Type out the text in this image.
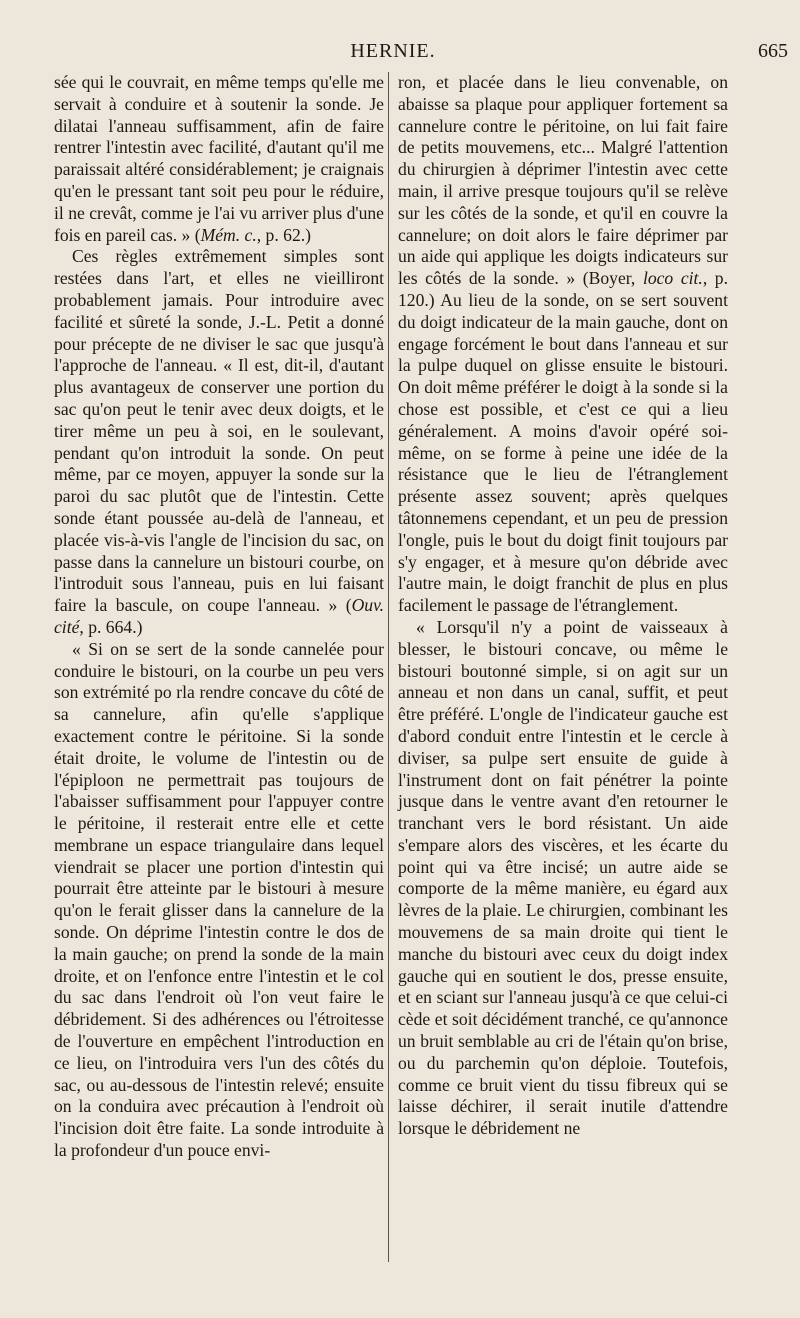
HERNIE.	665

sée qui le couvrait, en même temps qu'elle me servait à conduire et à soutenir la sonde. Je dilatai l'anneau suffisamment, afin de faire rentrer l'intestin avec facilité, d'autant qu'il me paraissait altéré considérablement; je craignais qu'en le pressant tant soit peu pour le réduire, il ne crevât, comme je l'ai vu arriver plus d'une fois en pareil cas. » (Mém. c., p. 62.)

Ces règles extrêmement simples sont restées dans l'art, et elles ne vieilliront probablement jamais. Pour introduire avec facilité et sûreté la sonde, J.-L. Petit a donné pour précepte de ne diviser le sac que jusqu'à l'approche de l'anneau. « Il est, dit-il, d'autant plus avantageux de conserver une portion du sac qu'on peut le tenir avec deux doigts, et le tirer même un peu à soi, en le soulevant, pendant qu'on introduit la sonde. On peut même, par ce moyen, appuyer la sonde sur la paroi du sac plutôt que de l'intestin. Cette sonde étant poussée au-delà de l'anneau, et placée vis-à-vis l'angle de l'incision du sac, on passe dans la cannelure un bistouri courbe, on l'introduit sous l'anneau, puis en lui faisant faire la bascule, on coupe l'anneau. » (Ouv. cité, p. 664.)

« Si on se sert de la sonde cannelée pour conduire le bistouri, on la courbe un peu vers son extrémité po rla rendre concave du côté de sa cannelure, afin qu'elle s'applique exactement contre le péritoine. Si la sonde était droite, le volume de l'intestin ou de l'épiploon ne permettrait pas toujours de l'abaisser suffisamment pour l'appuyer contre le péritoine, il resterait entre elle et cette membrane un espace triangulaire dans lequel viendrait se placer une portion d'intestin qui pourrait être atteinte par le bistouri à mesure qu'on le ferait glisser dans la cannelure de la sonde. On déprime l'intestin contre le dos de la main gauche; on prend la sonde de la main droite, et on l'enfonce entre l'intestin et le col du sac dans l'endroit où l'on veut faire le débridement. Si des adhérences ou l'étroitesse de l'ouverture en empêchent l'introduction en ce lieu, on l'introduira vers l'un des côtés du sac, ou au-dessous de l'intestin relevé; ensuite on la conduira avec précaution à l'endroit où l'incision doit être faite. La sonde introduite à la profondeur d'un pouce envi-

ron, et placée dans le lieu convenable, on abaisse sa plaque pour appliquer fortement sa cannelure contre le péritoine, on lui fait faire de petits mouvemens, etc... Malgré l'attention du chirurgien à déprimer l'intestin avec cette main, il arrive presque toujours qu'il se relève sur les côtés de la sonde, et qu'il en couvre la cannelure; on doit alors le faire déprimer par un aide qui applique les doigts indicateurs sur les côtés de la sonde. » (Boyer, loco cit., p. 120.) Au lieu de la sonde, on se sert souvent du doigt indicateur de la main gauche, dont on engage forcément le bout dans l'anneau et sur la pulpe duquel on glisse ensuite le bistouri. On doit même préférer le doigt à la sonde si la chose est possible, et c'est ce qui a lieu généralement. A moins d'avoir opéré soi-même, on se forme à peine une idée de la résistance que le lieu de l'étranglement présente assez souvent; après quelques tâtonnemens cependant, et un peu de pression l'ongle, puis le bout du doigt finit toujours par s'y engager, et à mesure qu'on débride avec l'autre main, le doigt franchit de plus en plus facilement le passage de l'étranglement.

« Lorsqu'il n'y a point de vaisseaux à blesser, le bistouri concave, ou même le bistouri boutonné simple, si on agit sur un anneau et non dans un canal, suffit, et peut être préféré. L'ongle de l'indicateur gauche est d'abord conduit entre l'intestin et le cercle à diviser, sa pulpe sert ensuite de guide à l'instrument dont on fait pénétrer la pointe jusque dans le ventre avant d'en retourner le tranchant vers le bord résistant. Un aide s'empare alors des viscères, et les écarte du point qui va être incisé; un autre aide se comporte de la même manière, eu égard aux lèvres de la plaie. Le chirurgien, combinant les mouvemens de sa main droite qui tient le manche du bistouri avec ceux du doigt index gauche qui en soutient le dos, presse ensuite, et en sciant sur l'anneau jusqu'à ce que celui-ci cède et soit décidément tranché, ce qu'annonce un bruit semblable au cri de l'étain qu'on brise, ou du parchemin qu'on déploie. Toutefois, comme ce bruit vient du tissu fibreux qui se laisse déchirer, il serait inutile d'attendre lorsque le débridement ne
